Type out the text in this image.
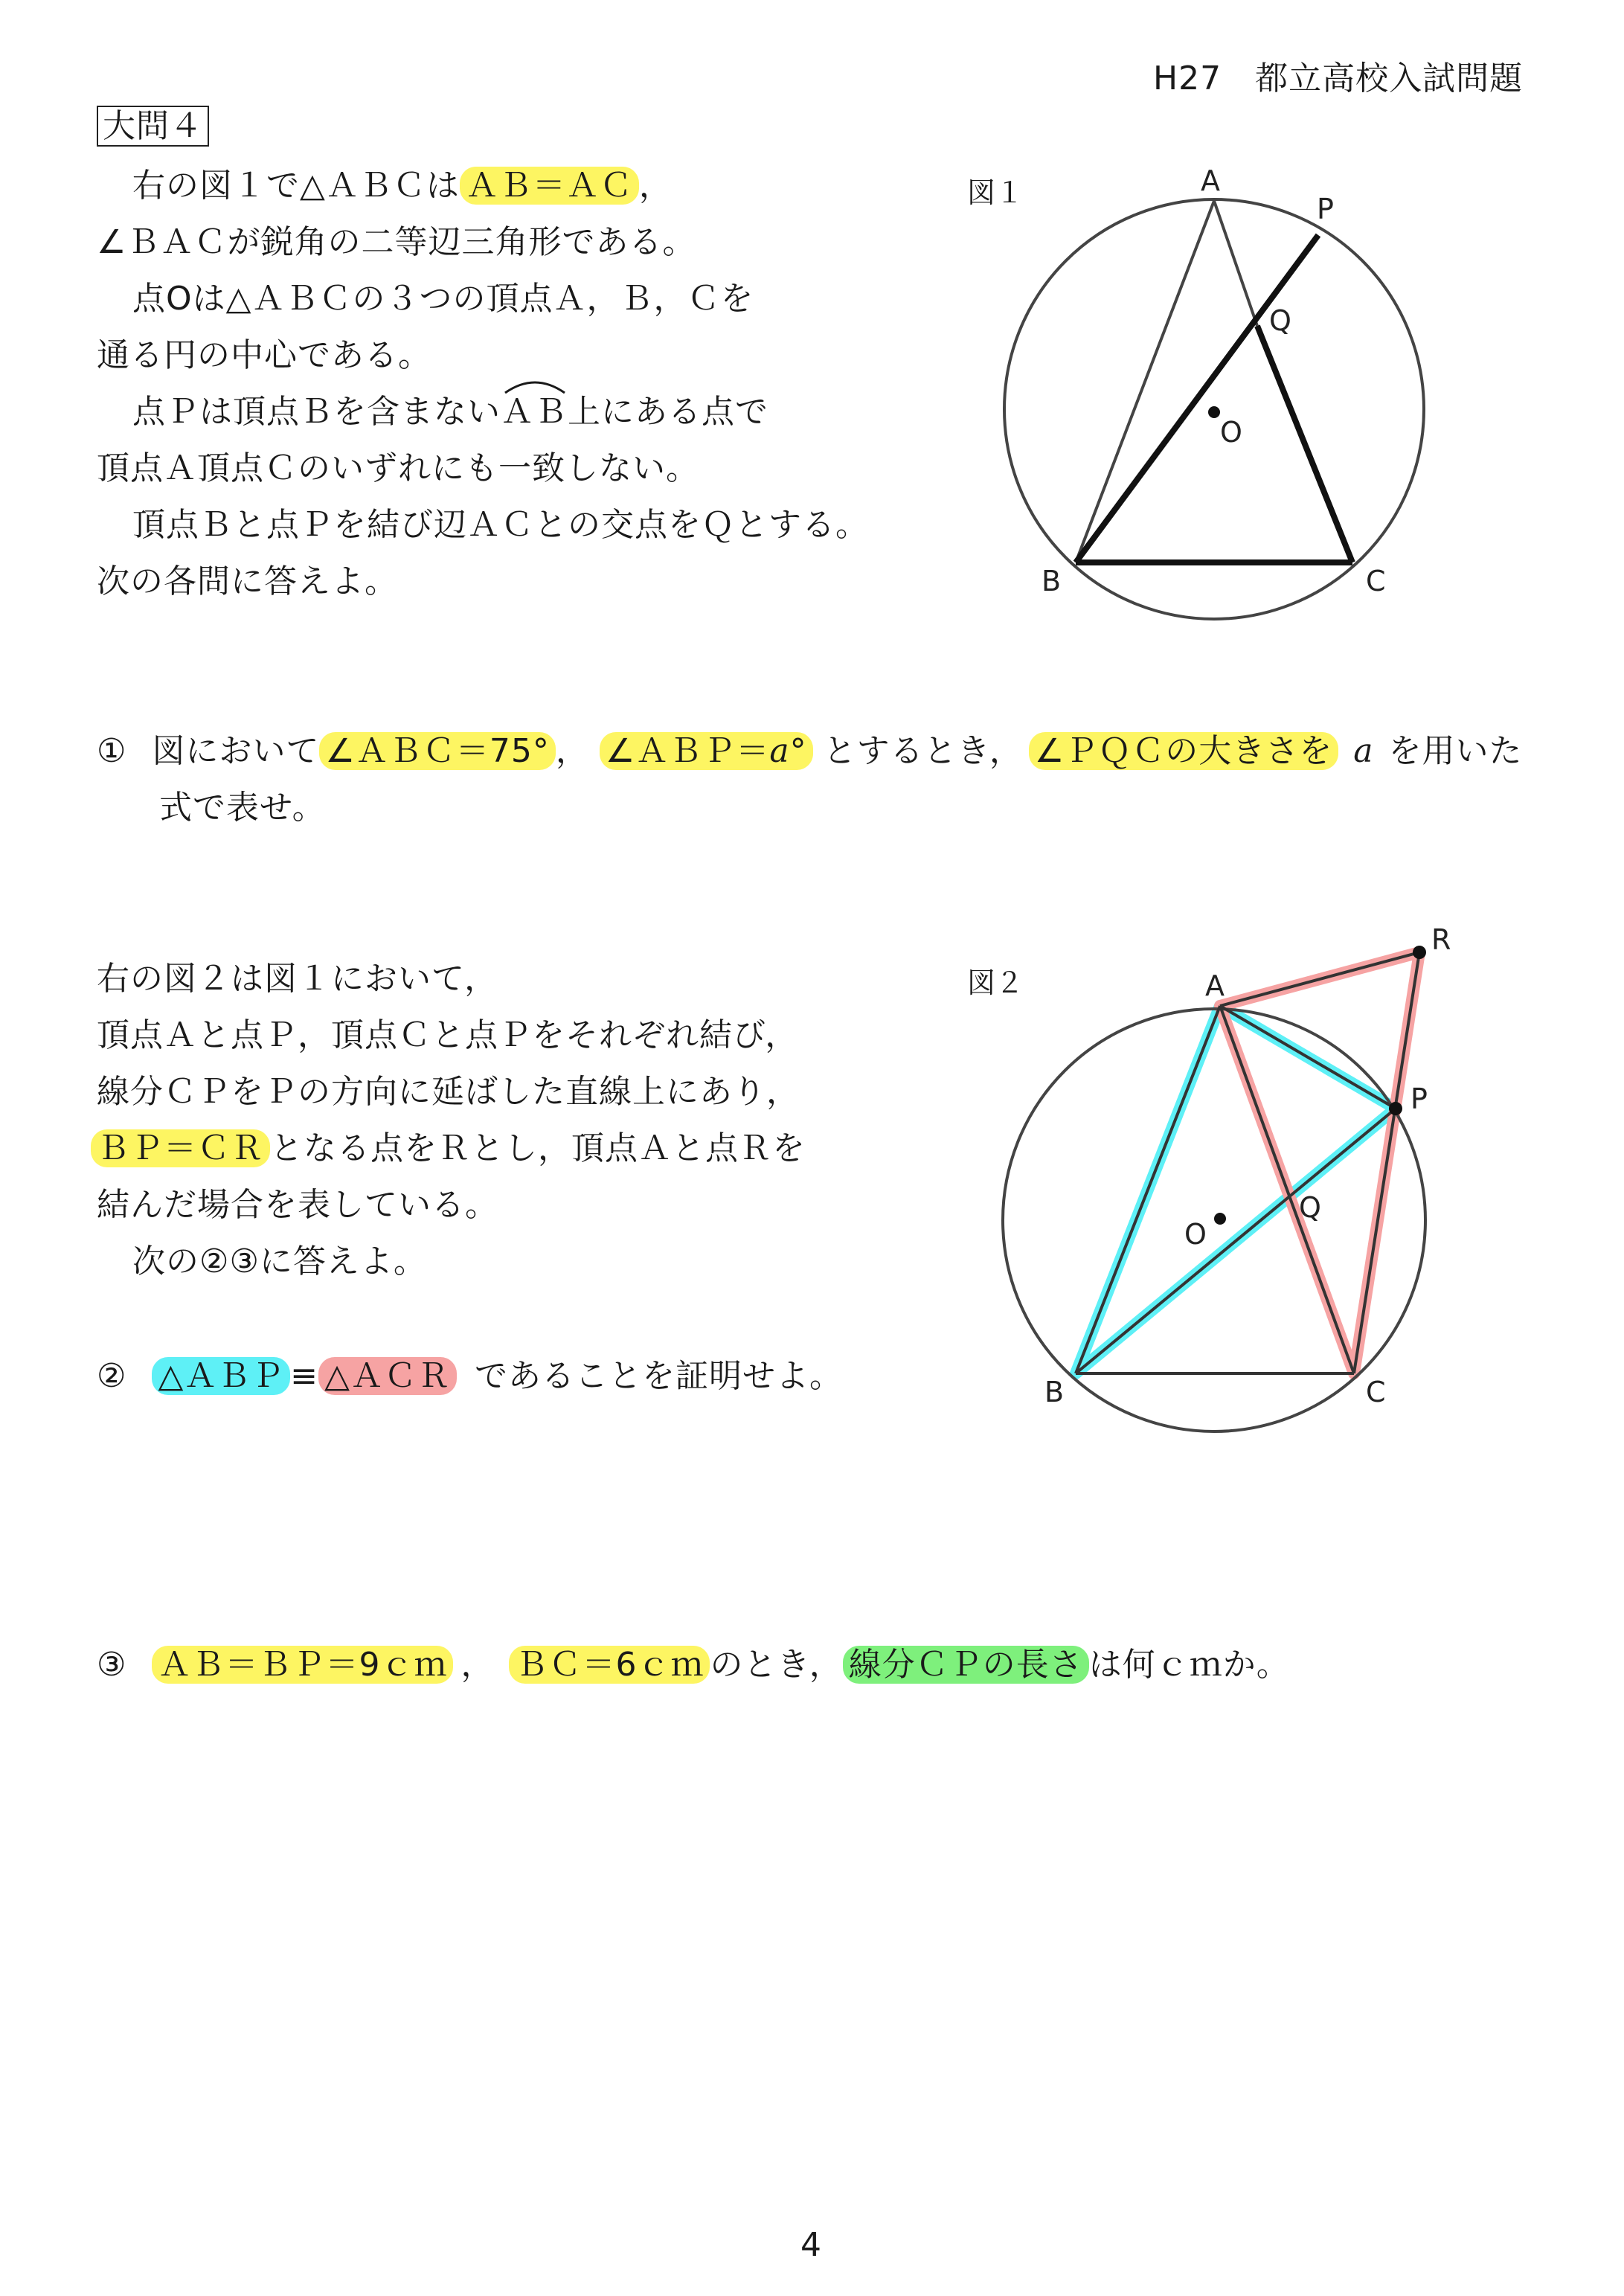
H27　都立高校入試問題
大問４
右の図１で△ＡＢＣは ＡＢ＝ＡＣ ，
∠ＢＡＣが鋭角の二等辺三角形である。
点Oは△ＡＢＣの３つの頂点Ａ，Ｂ，Ｃを
通る円の中心である。
点Ｐは頂点Ｂを含まない
ＡＢ上にある点で
頂点Ａ頂点Ｃのいずれにも一致しない。
頂点Ｂと点Ｐを結び辺ＡＣとの交点をＱとする。
次の各問に答えよ。
図１	A
P
Q
O
B	C
① 図において ∠ＡＢＣ＝75° ， ∠ＡＢＰ＝a° とするとき， ∠ＰＱＣの大きさを a を用いた
式で表せ。
右の図２は図１において，
頂点Ａと点Ｐ，頂点Ｃと点Ｐをそれぞれ結び，
線分ＣＰをＰの方向に延ばした直線上にあり，
ＢＰ＝ＣＲ となる点をＲとし，頂点Ａと点Ｒを
結んだ場合を表している。
次の②③に答えよ。
② △ＡＢＰ ≡ △ＡＣＲ であることを証明せよ。
図２	A
R
P
Q
O
B	C
③ ＡＢ＝ＢＰ＝9ｃｍ ， ＢＣ＝6ｃｍ のとき， 線分ＣＰの長さ は何ｃｍか。
4
